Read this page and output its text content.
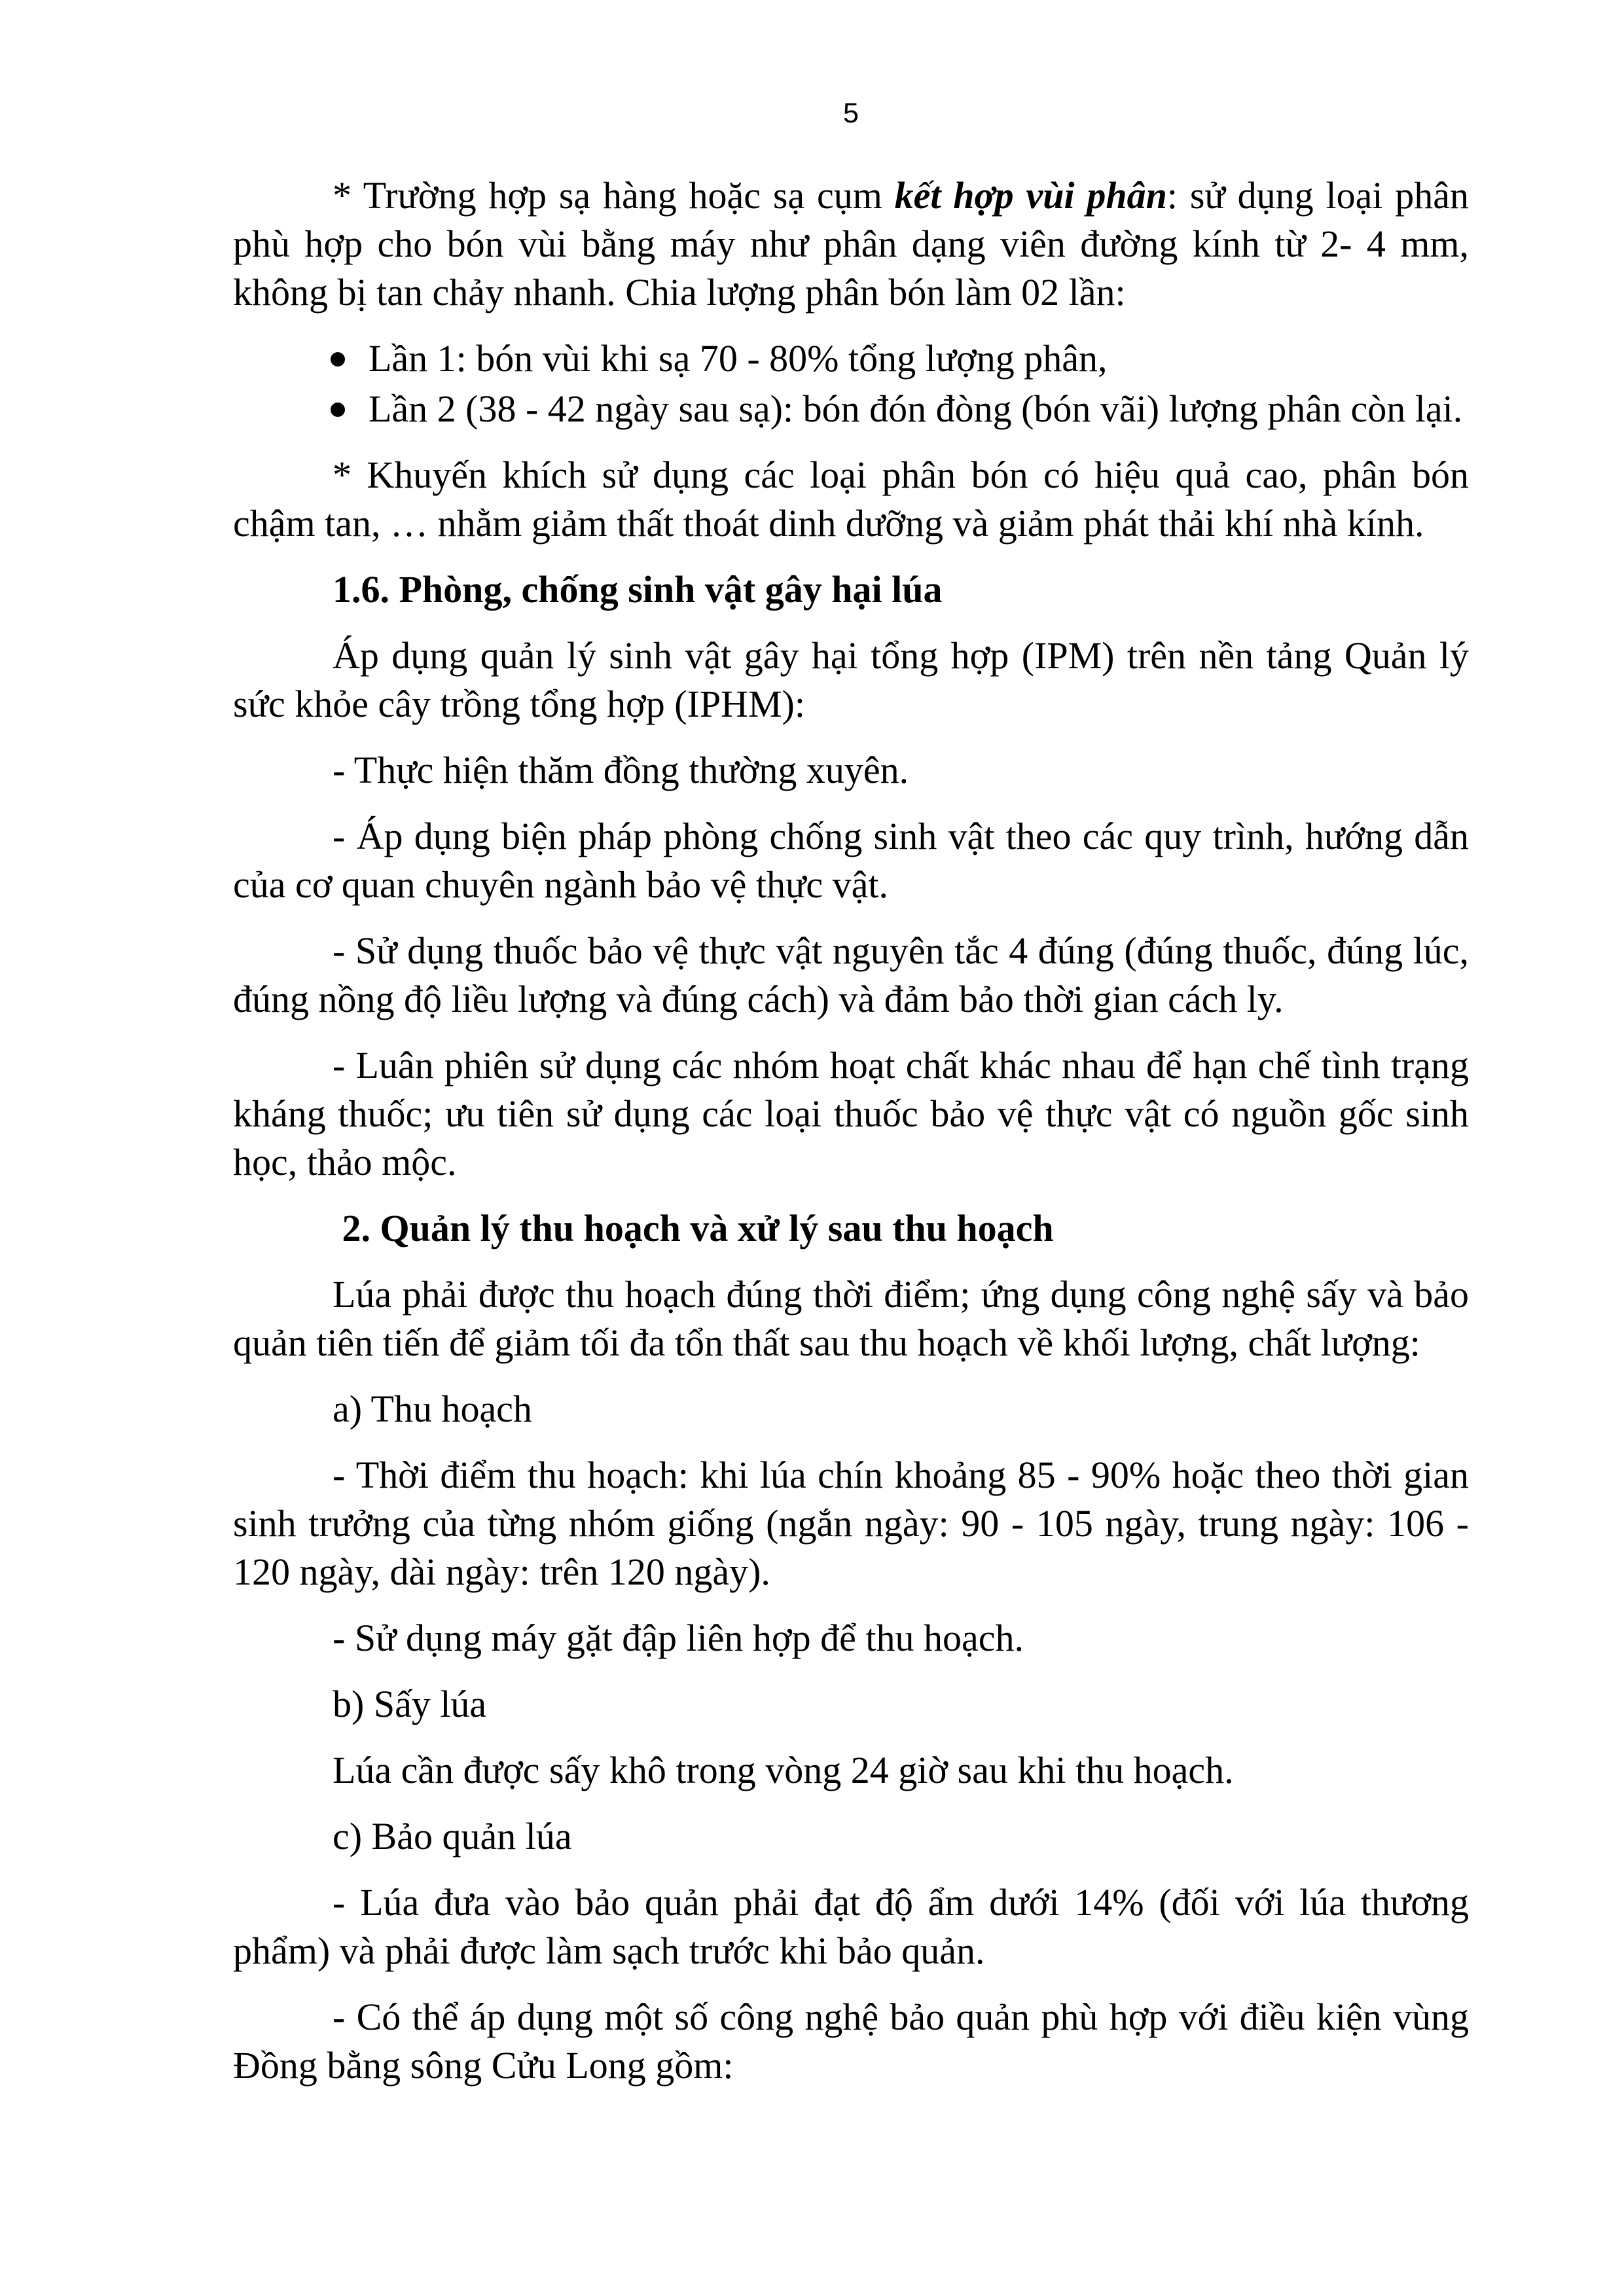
5

* Trường hợp sạ hàng hoặc sạ cụm kết hợp vùi phân: sử dụng loại phân phù hợp cho bón vùi bằng máy như phân dạng viên đường kính từ 2- 4 mm, không bị tan chảy nhanh. Chia lượng phân bón làm 02 lần:

Lần 1: bón vùi khi sạ 70 - 80% tổng lượng phân,
Lần 2 (38 - 42 ngày sau sạ): bón đón đòng (bón vãi) lượng phân còn lại.

* Khuyến khích sử dụng các loại phân bón có hiệu quả cao, phân bón chậm tan, … nhằm giảm thất thoát dinh dưỡng và giảm phát thải khí nhà kính.

1.6. Phòng, chống sinh vật gây hại lúa

Áp dụng quản lý sinh vật gây hại tổng hợp (IPM) trên nền tảng Quản lý sức khỏe cây trồng tổng hợp (IPHM):

- Thực hiện thăm đồng thường xuyên.

- Áp dụng biện pháp phòng chống sinh vật theo các quy trình, hướng dẫn của cơ quan chuyên ngành bảo vệ thực vật.

- Sử dụng thuốc bảo vệ thực vật nguyên tắc 4 đúng (đúng thuốc, đúng lúc, đúng nồng độ liều lượng và đúng cách) và đảm bảo thời gian cách ly.

- Luân phiên sử dụng các nhóm hoạt chất khác nhau để hạn chế tình trạng kháng thuốc; ưu tiên sử dụng các loại thuốc bảo vệ thực vật có nguồn gốc sinh học, thảo mộc.

2. Quản lý thu hoạch và xử lý sau thu hoạch

Lúa phải được thu hoạch đúng thời điểm; ứng dụng công nghệ sấy và bảo quản tiên tiến để giảm tối đa tổn thất sau thu hoạch về khối lượng, chất lượng:

a) Thu hoạch

- Thời điểm thu hoạch: khi lúa chín khoảng 85 - 90% hoặc theo thời gian sinh trưởng của từng nhóm giống (ngắn ngày: 90 - 105 ngày, trung ngày: 106 - 120 ngày, dài ngày: trên 120 ngày).

- Sử dụng máy gặt đập liên hợp để thu hoạch.

b) Sấy lúa

Lúa cần được sấy khô trong vòng 24 giờ sau khi thu hoạch.

c) Bảo quản lúa

- Lúa đưa vào bảo quản phải đạt độ ẩm dưới 14% (đối với lúa thương phẩm) và phải được làm sạch trước khi bảo quản.

- Có thể áp dụng một số công nghệ bảo quản phù hợp với điều kiện vùng Đồng bằng sông Cửu Long gồm:
